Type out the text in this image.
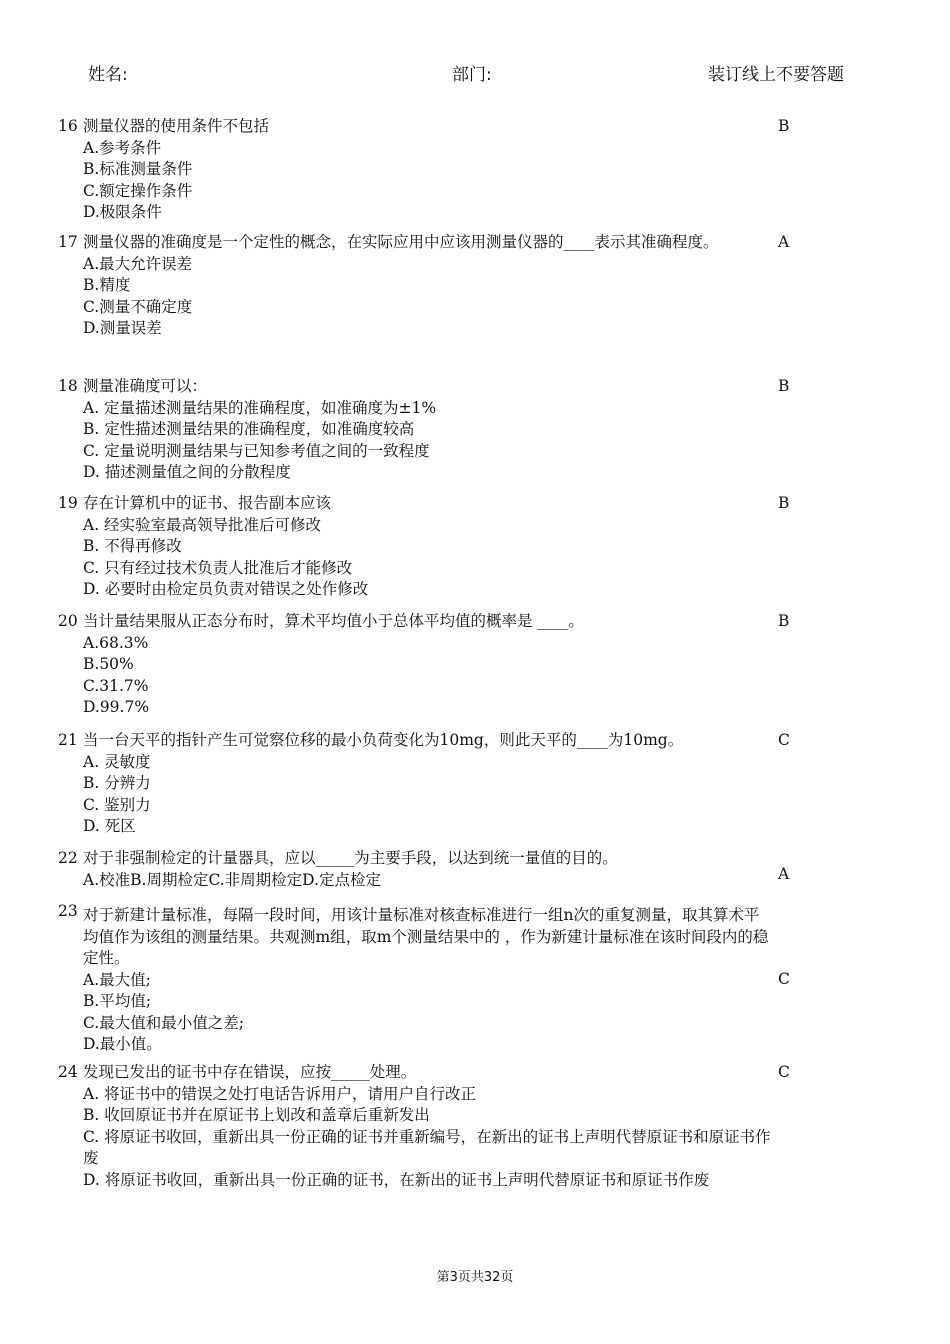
姓名:	部门:	装订线上不要答题
16 测量仪器的使用条件不包括
A.参考条件
B.标准测量条件
C.额定操作条件
D.极限条件
B
17 测量仪器的准确度是一个定性的概念，在实际应用中应该用测量仪器的____表示其准确程度。
A.最大允许误差
B.精度
C.测量不确定度
D.测量误差
A
18 测量准确度可以：
A. 定量描述测量结果的准确程度，如准确度为±1%
B. 定性描述测量结果的准确程度，如准确度较高
C. 定量说明测量结果与已知参考值之间的一致程度
D. 描述测量值之间的分散程度
B
19 存在计算机中的证书、报告副本应该
A. 经实验室最高领导批准后可修改
B. 不得再修改
C. 只有经过技术负责人批准后才能修改
D. 必要时由检定员负责对错误之处作修改
B
20 当计量结果服从正态分布时，算术平均值小于总体平均值的概率是 ____。
A.68.3%
B.50%
C.31.7%
D.99.7%
B
21 当一台天平的指针产生可觉察位移的最小负荷变化为10mg，则此天平的____为10mg。
A. 灵敏度
B. 分辨力
C. 鉴别力
D. 死区
C
22 对于非强制检定的计量器具，应以_____为主要手段，以达到统一量值的目的。
A.校准B.周期检定C.非周期检定D.定点检定	A
23 对于新建计量标准，每隔一段时间，用该计量标准对核查标准进行一组n次的重复测量，取其算术平均值作为该组的测量结果。共观测m组，取m个测量结果中的 ，作为新建计量标准在该时间段内的稳定性。
A.最大值;
B.平均值;
C.最大值和最小值之差;
D.最小值。
C
24 发现已发出的证书中存在错误，应按_____处理。
A. 将证书中的错误之处打电话告诉用户，请用户自行改正
B. 收回原证书并在原证书上划改和盖章后重新发出
C. 将原证书收回，重新出具一份正确的证书并重新编号，在新出的证书上声明代替原证书和原证书作废
D. 将原证书收回，重新出具一份正确的证书，在新出的证书上声明代替原证书和原证书作废
C
第3页共32页
